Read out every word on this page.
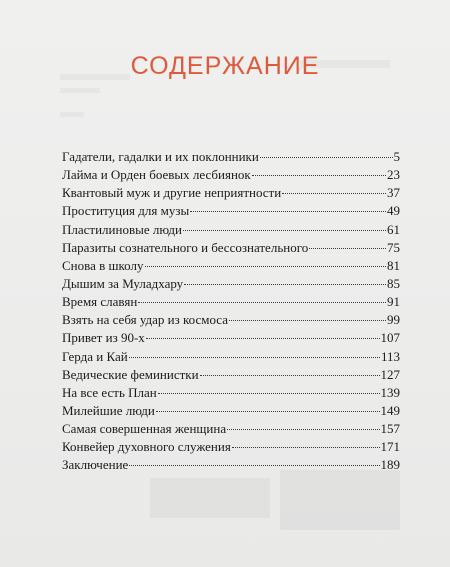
СОДЕРЖАНИЕ
Гадатели, гадалки и их поклонники	5
Лайма и Орден боевых лесбиянок	23
Квантовый муж и другие неприятности	37
Проституция для музы	49
Пластилиновые люди	61
Паразиты сознательного и бессознательного	75
Снова в школу	81
Дышим за Муладхару	85
Время славян	91
Взять на себя удар из космоса	99
Привет из 90-х	107
Герда и Кай	113
Ведические феминистки	127
На все есть План	139
Милейшие люди	149
Самая совершенная женщина	157
Конвейер духовного служения	171
Заключение	189
